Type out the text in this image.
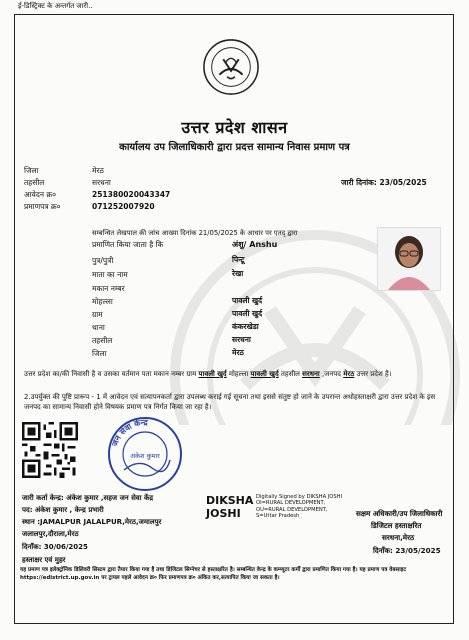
ई-डिस्ट्रिक्ट के अन्तर्गत जारी..
उत्तर प्रदेश शासन
कार्यालय उप जिलाधिकारी द्वारा प्रदत्त सामान्य निवास प्रमाण पत्र
जिला	मेरठ
तहसील	सरधना
आवेदन क्र०	251380020043347
प्रमाणपत्र क्र०	071252007920
जारी दिनांक: 23/05/2025
सम्बन्धित लेखपाल की जांच आख्या दिनांक 21/05/2025 के आधार पर एतद् द्वारा
प्रमाणित किया जाता है कि	अंशु/ Anshu
पुत्र/पुत्री	पिन्टू
माता का नाम	रेखा
मकान नम्बर
मोहल्ला	पावली खुर्द
ग्राम	पावली खुर्द
थाना	कंकरखेडा
तहसील	सरधना
जिला	मेरठ
उत्तर प्रदेश का/की निवासी है व उसका वर्तमान पता मकान नम्बर ग्राम पावली खुर्द मोहल्ला पावली खुर्द तहसील सरधना ,जनपद मेरठ उत्तर प्रदेश है।
2.उपर्युक्त की पुष्टि प्रारूप - 1 में आवेदन एवं सत्यापनकर्ता द्वारा उपलब्ध कराई गई सूचना तथा इससे संतुष्ट हो जाने के उपरान्त अधोहस्ताक्षरी द्वारा उत्तर प्रदेश के इस जनपद का सामान्य निवासी होने विषयक प्रमाण पत्र निर्गत किया जा रहा है।
जन सेवा केन्द्र
अंकेश कुमार
जारी कर्ता केन्द्र: अंकेश कुमार ,सहज जन सेवा केंद्र
पद: अंकेश कुमार , केन्द्र प्रभारी
स्थान :JAMALPUR JALALPUR,मेरठ,जमालपुर
जलालपुर,दौराला,मेरठ
दिनाँक: 30/06/2025
हस्ताक्षर एवं मुहर
DIKSHA
JOSHI
Digitally Signed by DIKSHA JOSHI OI=RURAL DEVELOPMENT, OU=RURAL DEVELOPMENT, S=Uttar Pradesh	सक्षम अधिकारी/उप जिलाधिकारी
डिजिटल हस्ताक्षरित
सरधना,मेरठ
दिनाँक: 23/05/2025
यह प्रमाण पत्र इलेक्ट्रॉनिक डिलिवरी सिस्टम द्वारा तैयार किया गया है तथा डिजिटल सिग्नेचर से हस्ताक्षरित है। सम्बन्धित केन्द्र के कम्प्यूटर कर्मी द्वारा प्रमाणित किया गया है। यह प्रमाण पत्र वेबसाइट https://edistrict.up.gov.in पर ट्रायल पहले आवेदन क्र० फिर प्रमाणपत्र क्र० अंकित कर,सत्यापित किया जा सकता है।
